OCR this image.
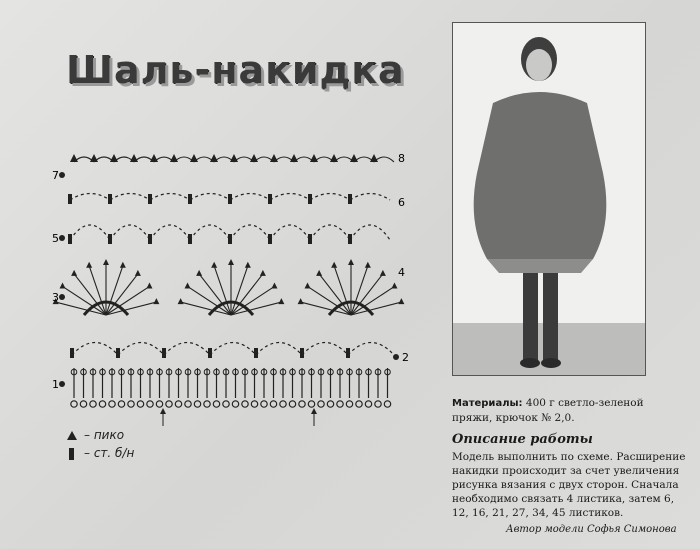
Шаль-накидка
8
7
6
5
4
3
2
1
– пико
– ст. б/н
Материалы: 400 г светло-зеленой пряжи, крючок № 2,0.
Описание работы
Модель выполнить по схеме. Расширение накидки происходит за счет увеличения рисунка вязания с двух сторон. Сначала необходимо связать 4 листика, затем 6, 12, 16, 21, 27, 34, 45 листиков.
Автор модели Софья Симонова
